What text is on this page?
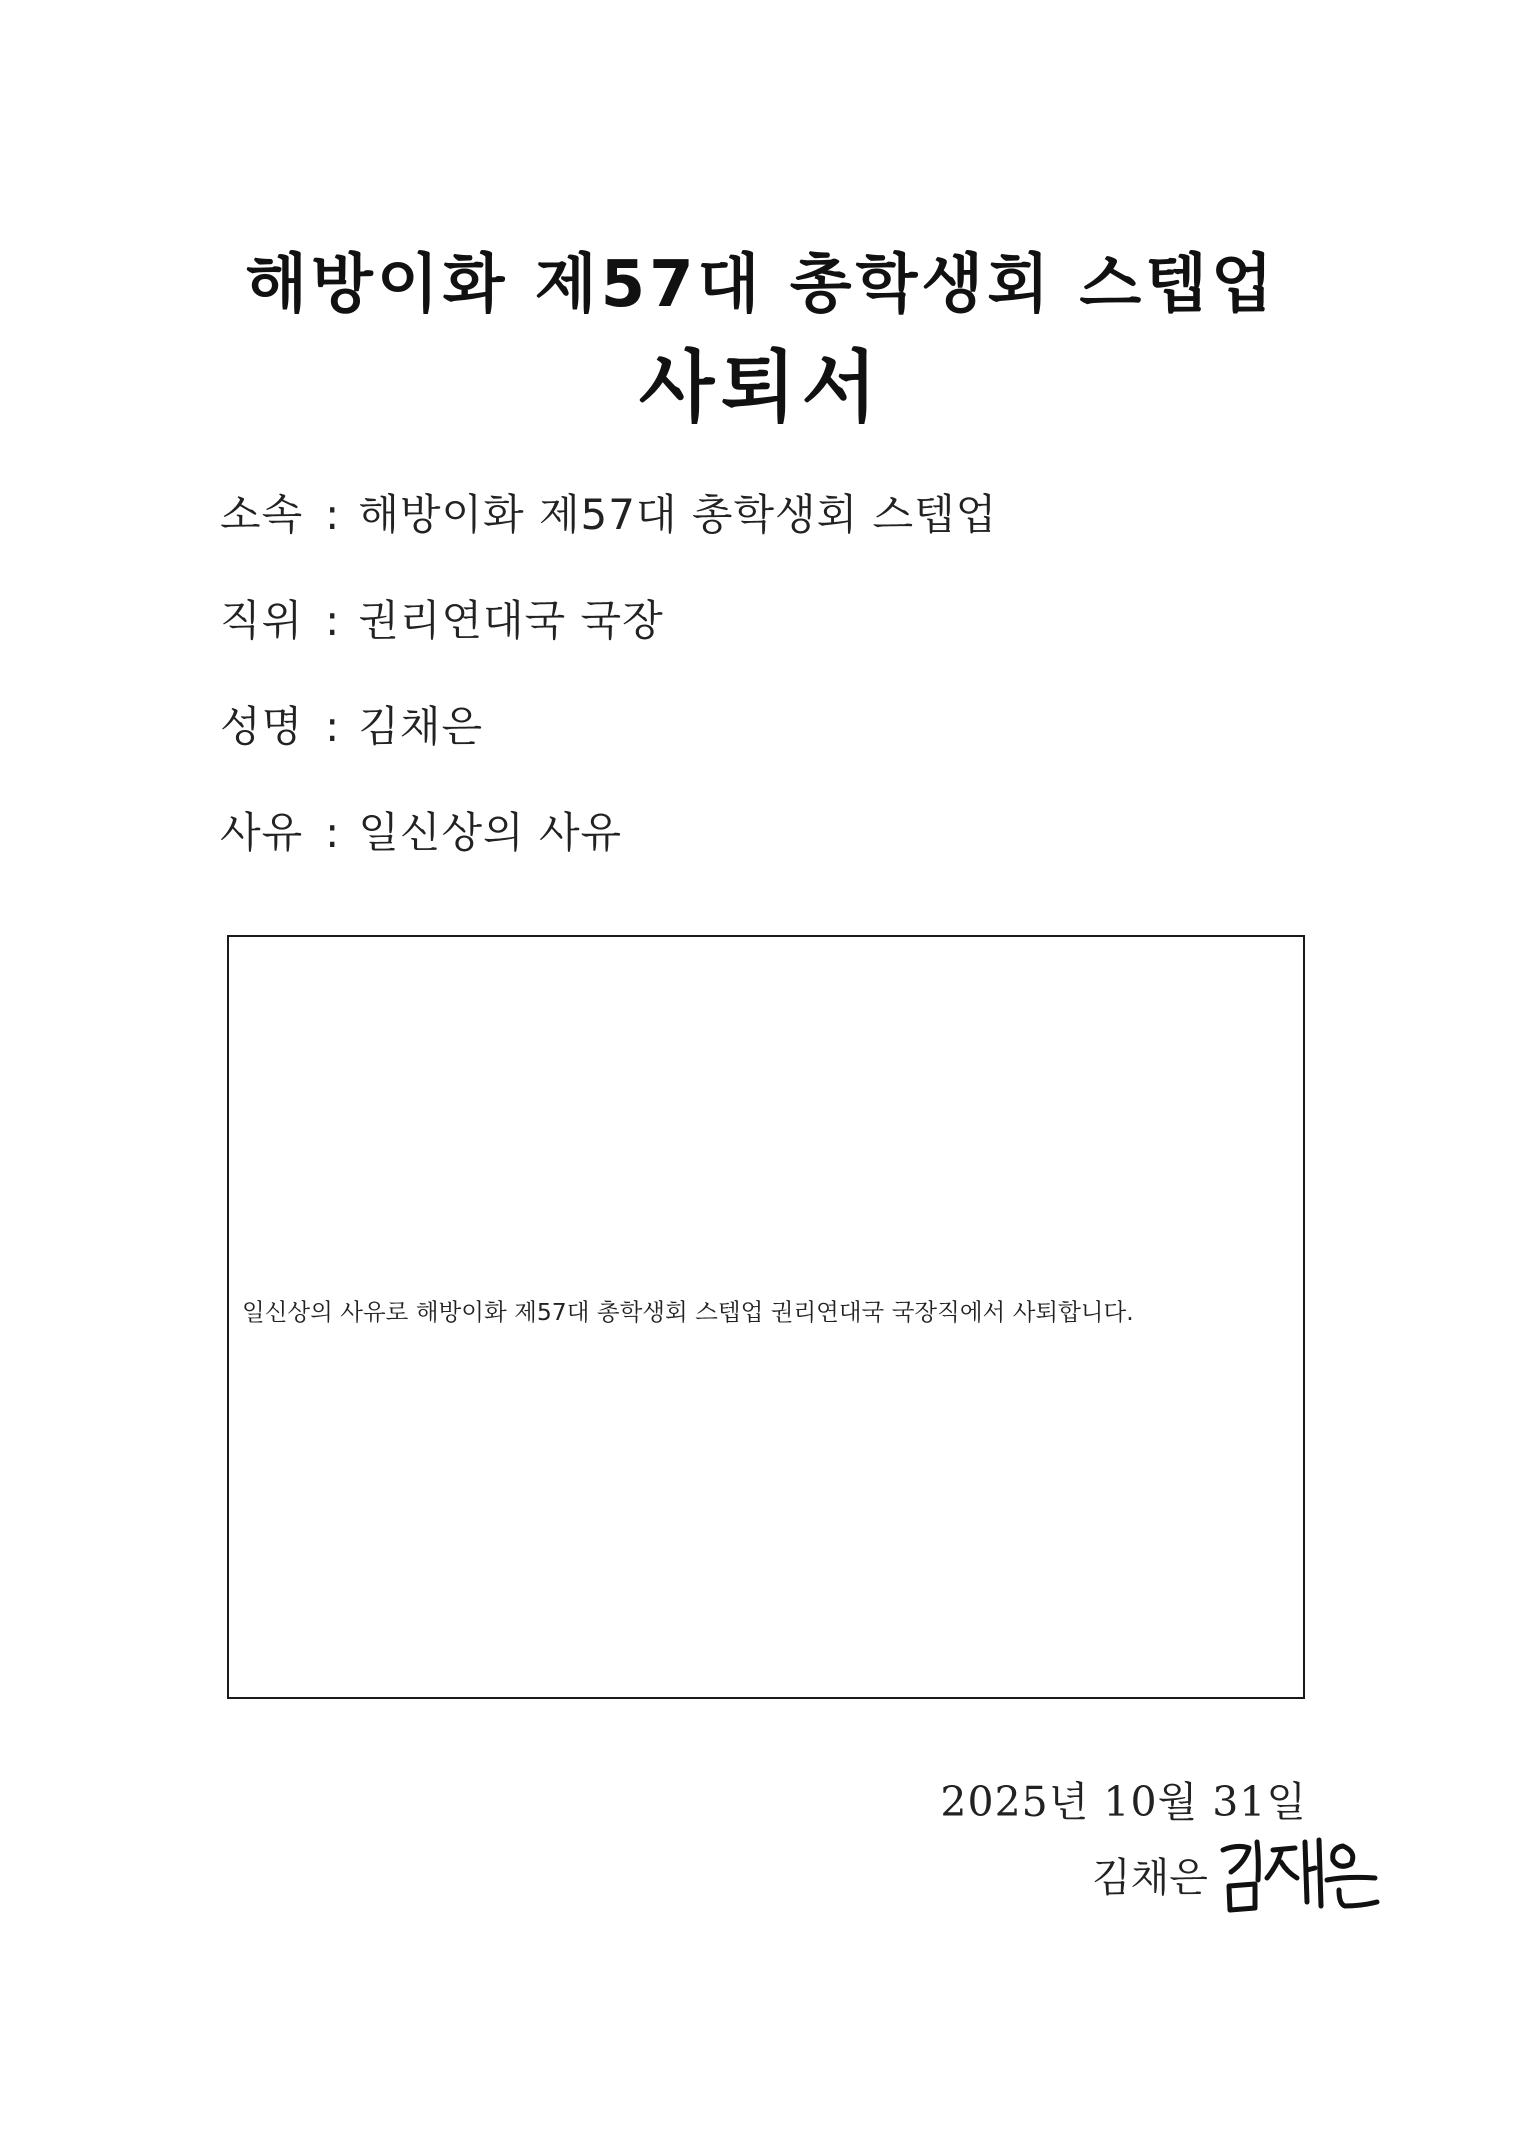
해방이화 제57대 총학생회 스텝업
사퇴서
소속 : 해방이화 제57대 총학생회 스텝업
직위 : 권리연대국 국장
성명 : 김채은
사유 : 일신상의 사유
일신상의 사유로 해방이화 제57대 총학생회 스텝업 권리연대국 국장직에서 사퇴합니다.
2025년 10월 31일
김채은
